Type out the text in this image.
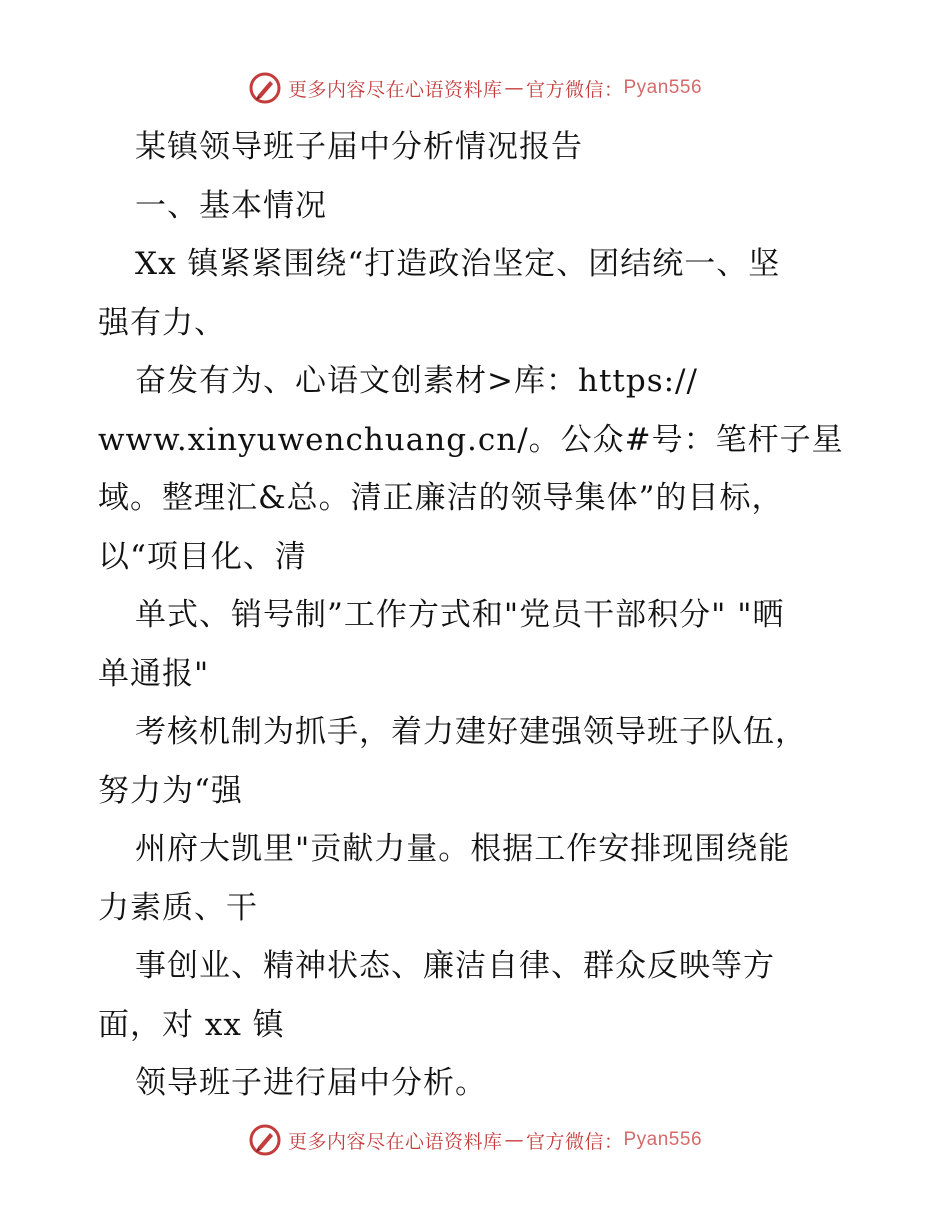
更多内容尽在心语资料库 — 官方微信： Pyan556
某镇领导班子届中分析情况报告
一、基本情况
Xx 镇紧紧围绕“打造政治坚定、团结统一、坚
强有力、
奋发有为、心语文创素材>库：https://
www.xinyuwenchuang.cn/。公众#号：笔杆子星
域。整理汇&总。清正廉洁的领导集体”的目标，
以“项目化、清
单式、销号制”工作方式和"党员干部积分" "晒
单通报"
考核机制为抓手，着力建好建强领导班子队伍，
努力为“强
州府大凯里"贡献力量。根据工作安排现围绕能
力素质、干
事创业、精神状态、廉洁自律、群众反映等方
面，对 xx 镇
领导班子进行届中分析。
更多内容尽在心语资料库 — 官方微信： Pyan556
